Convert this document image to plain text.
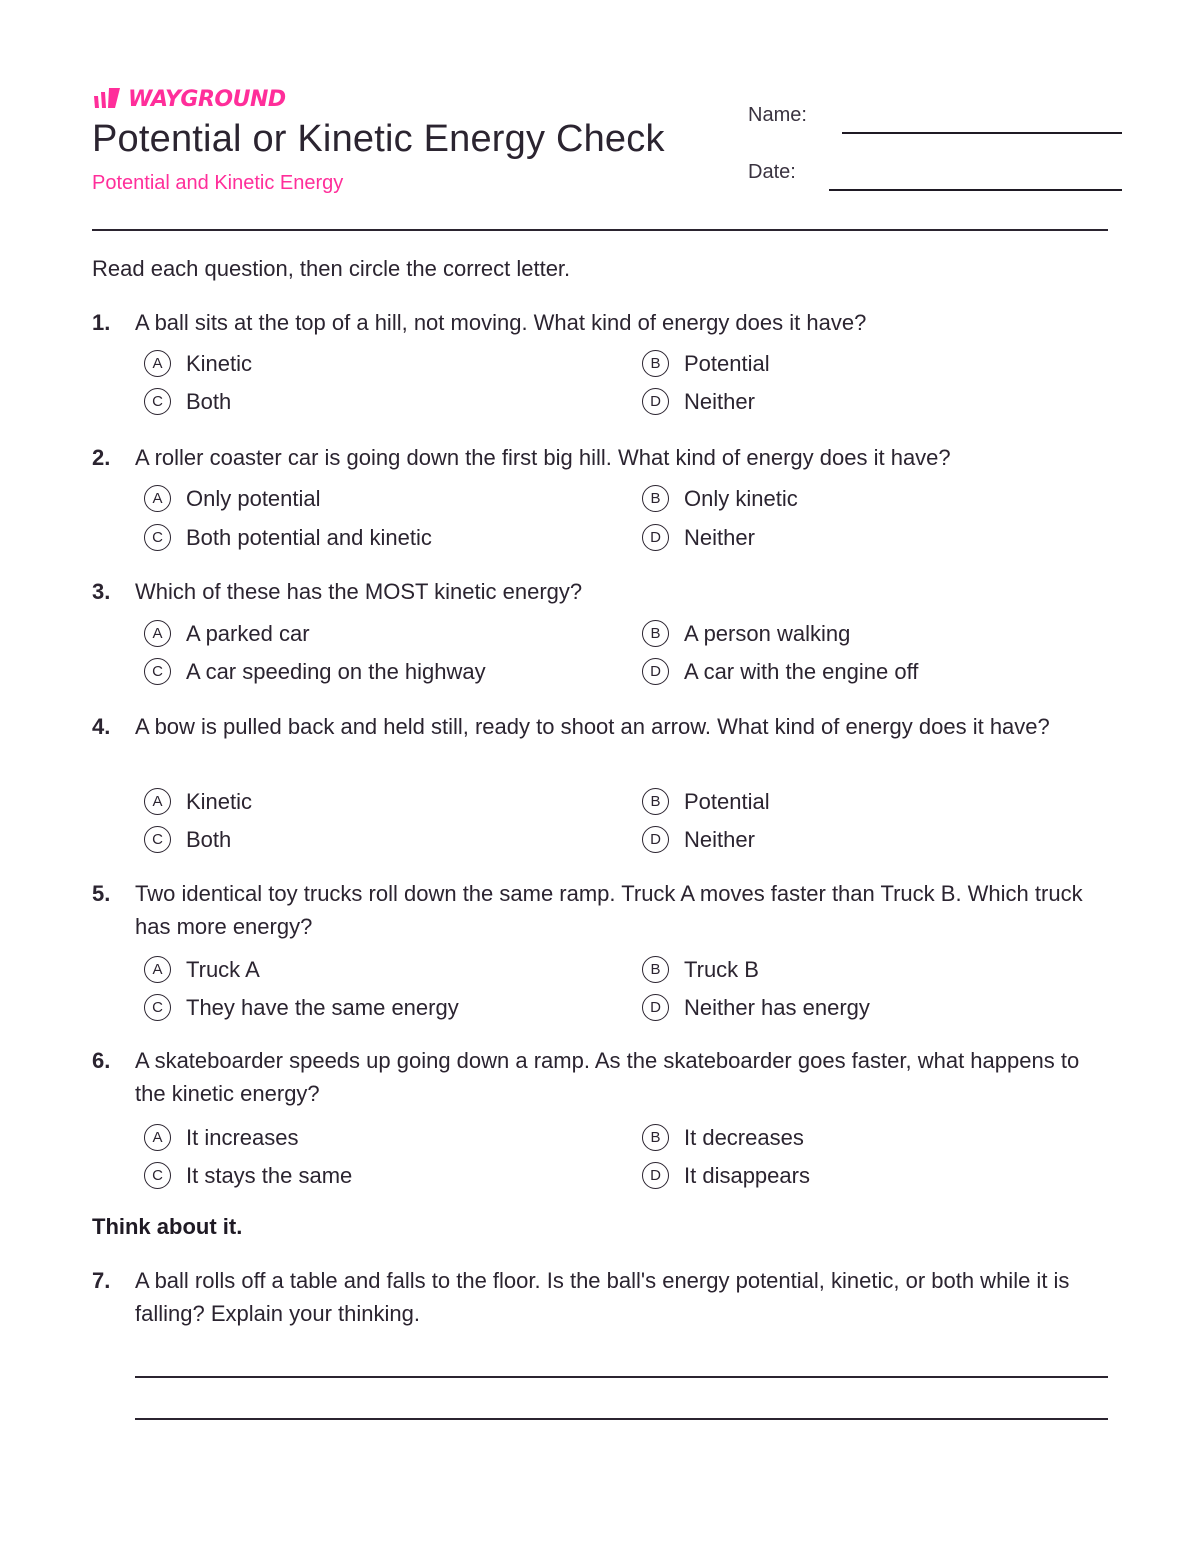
WAYGROUND
Potential or Kinetic Energy Check

Potential and Kinetic Energy

Name:
Date:
Read each question, then circle the correct letter.
1. A ball sits at the top of a hill, not moving. What kind of energy does it have?
A	Kinetic	B	Potential
C	Both	D	Neither
2. A roller coaster car is going down the first big hill. What kind of energy does it have?
A	Only potential	B	Only kinetic
C	Both potential and kinetic	D	Neither
3. Which of these has the MOST kinetic energy?
A	A parked car	B	A person walking
C	A car speeding on the highway	D	A car with the engine off
4. A bow is pulled back and held still, ready to shoot an arrow. What kind of energy does it have?
A	Kinetic	B	Potential
C	Both	D	Neither
5. Two identical toy trucks roll down the same ramp. Truck A moves faster than Truck B. Which truck has more energy?
A	Truck A	B	Truck B
C	They have the same energy	D	Neither has energy
6. A skateboarder speeds up going down a ramp. As the skateboarder goes faster, what happens to the kinetic energy?
A	It increases	B	It decreases
C	It stays the same	D	It disappears
Think about it.
7. A ball rolls off a table and falls to the floor. Is the ball's energy potential, kinetic, or both while it is falling? Explain your thinking.
